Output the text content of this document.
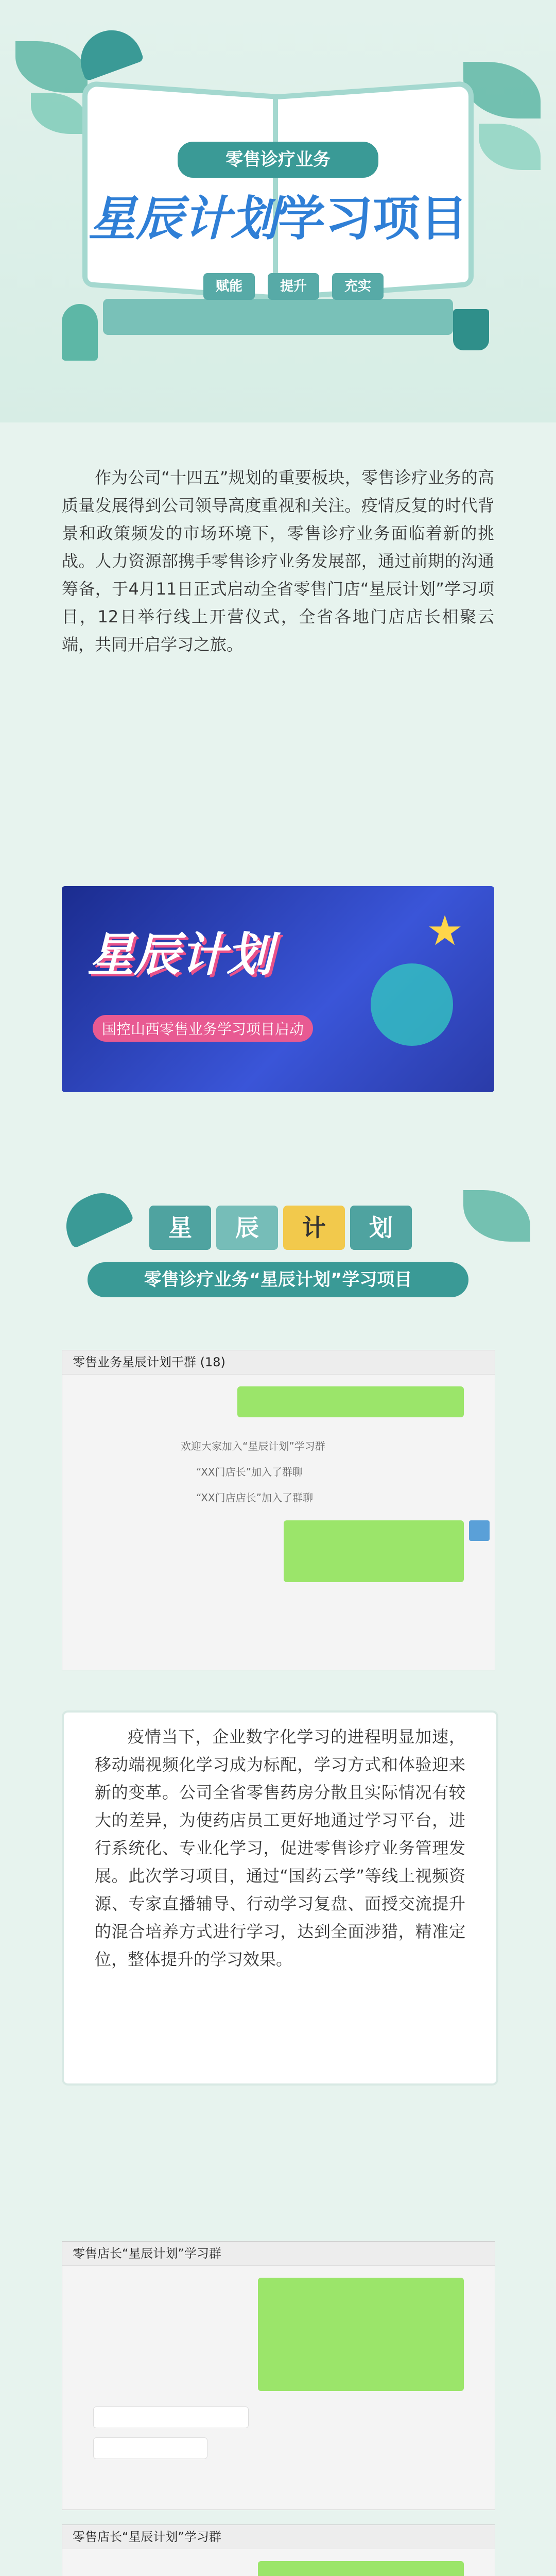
零售诊疗业务
星辰计划学习项目
赋能	提升	充实
作为公司“十四五”规划的重要板块，零售诊疗业务的高质量发展得到公司领导高度重视和关注。疫情反复的时代背景和政策频发的市场环境下，零售诊疗业务面临着新的挑战。人力资源部携手零售诊疗业务发展部，通过前期的沟通筹备，于4月11日正式启动全省零售门店“星辰计划”学习项目，12日举行线上开营仪式，全省各地门店店长相聚云端，共同开启学习之旅。
星辰计划
国控山西零售业务学习项目启动
★
星	辰	计	划
零售诊疗业务“星辰计划”学习项目
零售业务星辰计划干群 (18)
欢迎大家加入“星辰计划”学习群
“XX门店长”加入了群聊
“XX门店店长”加入了群聊
疫情当下，企业数字化学习的进程明显加速，移动端视频化学习成为标配，学习方式和体验迎来新的变革。公司全省零售药房分散且实际情况有较大的差异，为使药店员工更好地通过学习平台，进行系统化、专业化学习，促进零售诊疗业务管理发展。此次学习项目，通过“国药云学”等线上视频资源、专家直播辅导、行动学习复盘、面授交流提升的混合培养方式进行学习，达到全面涉猎，精准定位，整体提升的学习效果。
零售店长“星辰计划”学习群
零售店长“星辰计划”学习群
